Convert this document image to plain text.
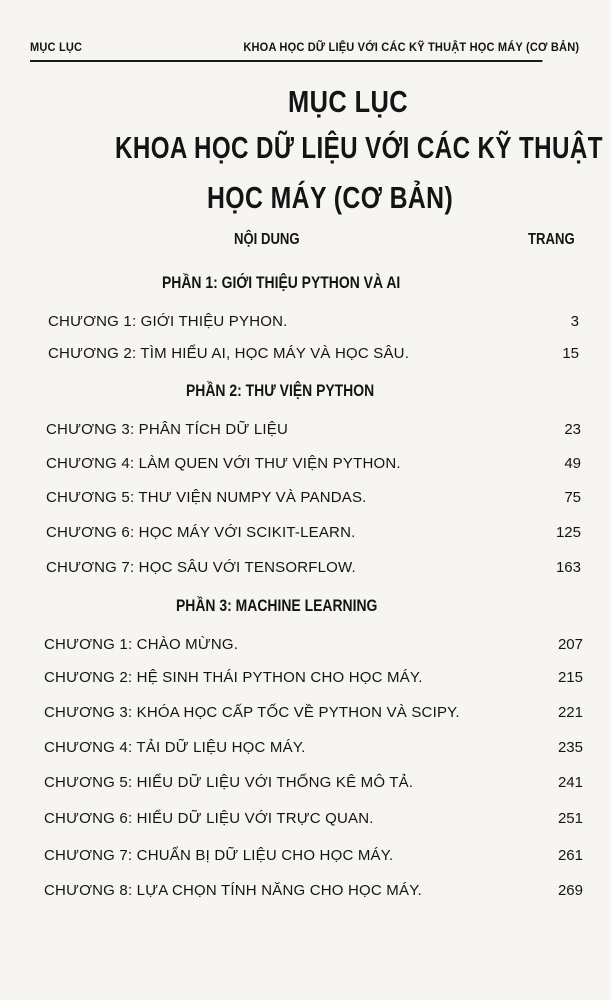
MỤC LỤC	KHOA HỌC DỮ LIỆU VỚI CÁC KỸ THUẬT HỌC MÁY (CƠ BẢN)
MỤC LỤC
KHOA HỌC DỮ LIỆU VỚI CÁC KỸ THUẬT
HỌC MÁY (CƠ BẢN)
NỘI DUNG	TRANG
PHẦN 1: GIỚI THIỆU PYTHON VÀ AI
CHƯƠNG 1: GIỚI THIỆU PYHON.	3
CHƯƠNG 2: TÌM HIỂU AI, HỌC MÁY VÀ HỌC SÂU.	15
PHẦN 2: THƯ VIỆN PYTHON
CHƯƠNG 3: PHÂN TÍCH DỮ LIỆU	23
CHƯƠNG 4: LÀM QUEN VỚI THƯ VIỆN PYTHON.	49
CHƯƠNG 5: THƯ VIỆN NUMPY VÀ PANDAS.	75
CHƯƠNG 6: HỌC MÁY VỚI SCIKIT-LEARN.	125
CHƯƠNG 7: HỌC SÂU VỚI TENSORFLOW.	163
PHẦN 3: MACHINE LEARNING
CHƯƠNG 1: CHÀO MỪNG.	207
CHƯƠNG 2: HỆ SINH THÁI PYTHON CHO HỌC MÁY.	215
CHƯƠNG 3: KHÓA HỌC CẤP TỐC VỀ PYTHON VÀ SCIPY.	221
CHƯƠNG 4: TẢI DỮ LIỆU HỌC MÁY.	235
CHƯƠNG 5: HIỂU DỮ LIỆU VỚI THỐNG KÊ MÔ TẢ.	241
CHƯƠNG 6: HIỂU DỮ LIỆU VỚI TRỰC QUAN.	251
CHƯƠNG 7: CHUẨN BỊ DỮ LIỆU CHO HỌC MÁY.	261
CHƯƠNG 8: LỰA CHỌN TÍNH NĂNG CHO HỌC MÁY.	269
